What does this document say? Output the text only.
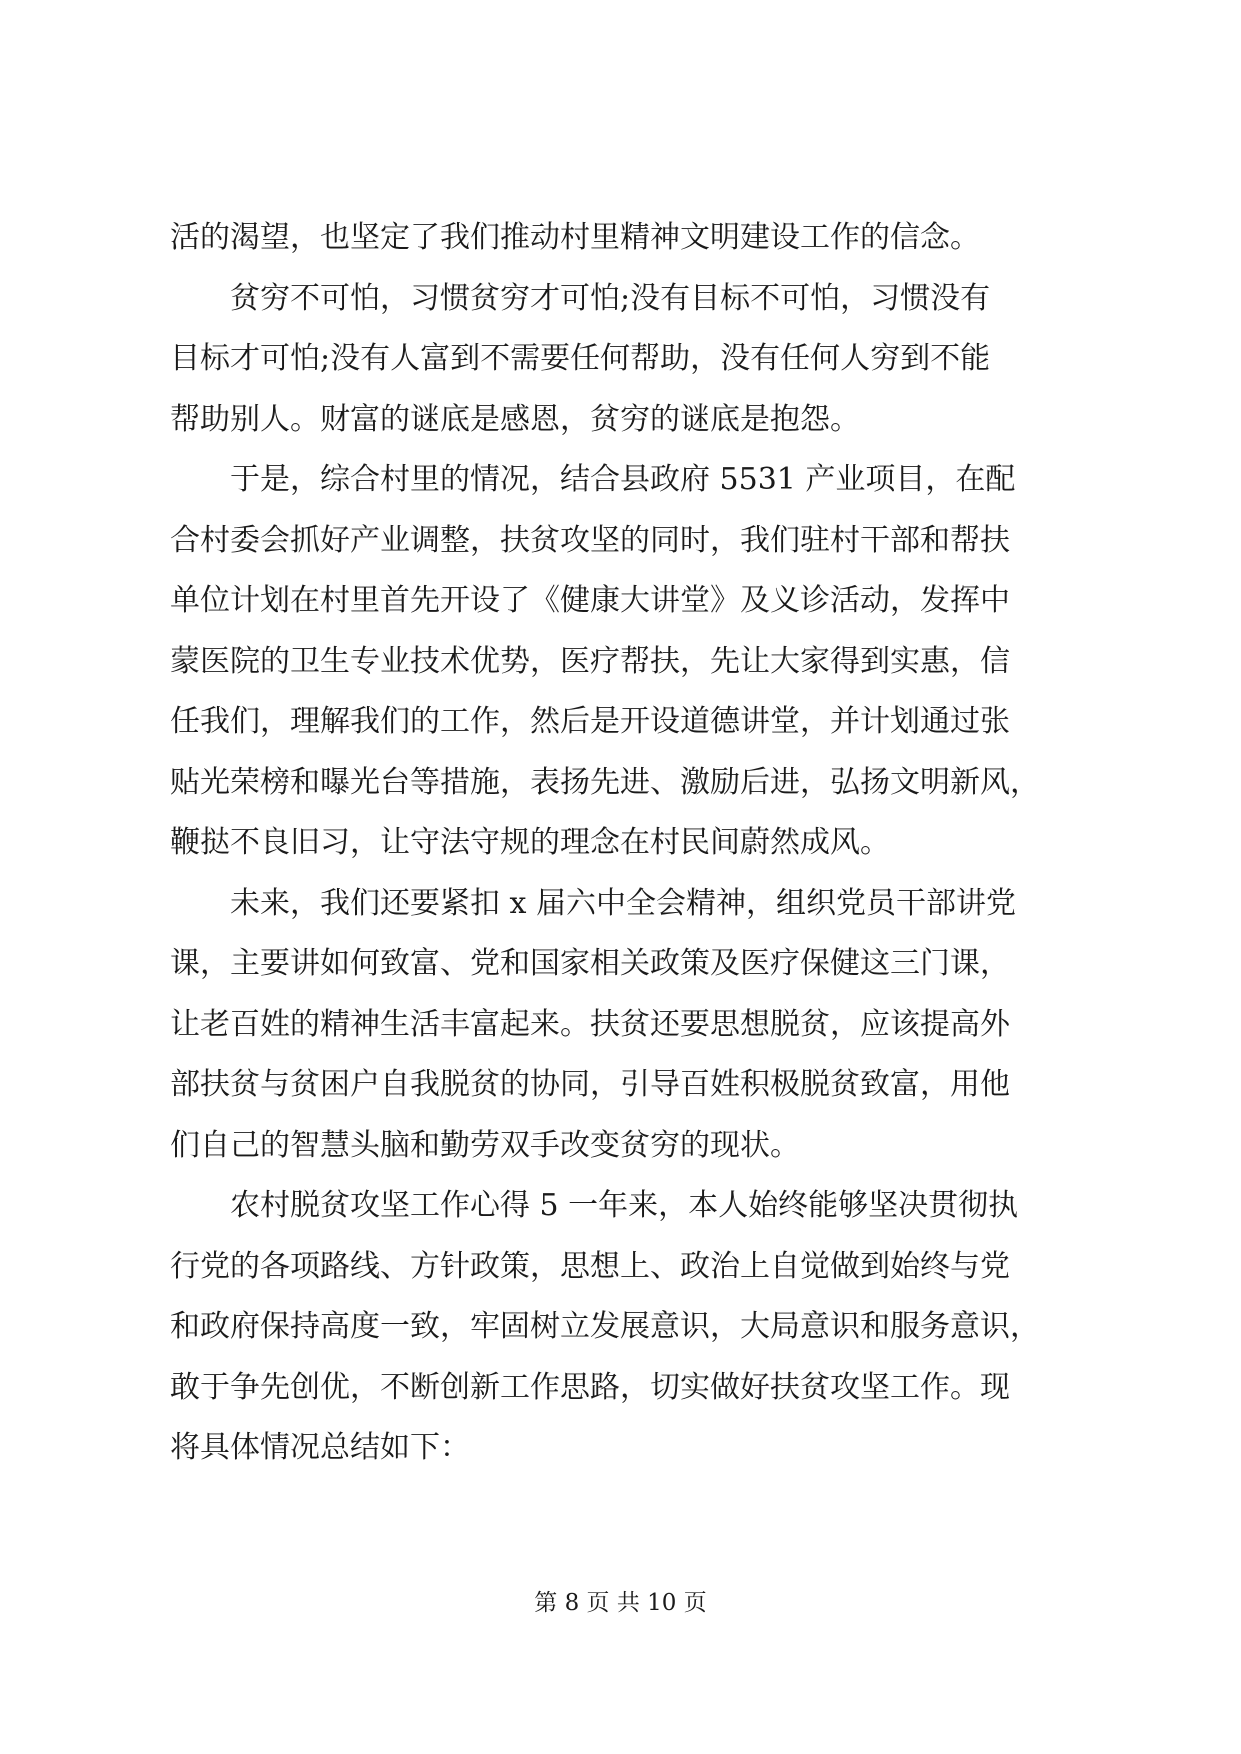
活的渴望，也坚定了我们推动村里精神文明建设工作的信念。
贫穷不可怕，习惯贫穷才可怕;没有目标不可怕，习惯没有
目标才可怕;没有人富到不需要任何帮助，没有任何人穷到不能
帮助别人。财富的谜底是感恩，贫穷的谜底是抱怨。
于是，综合村里的情况，结合县政府 5531 产业项目，在配
合村委会抓好产业调整，扶贫攻坚的同时，我们驻村干部和帮扶
单位计划在村里首先开设了《健康大讲堂》及义诊活动，发挥中
蒙医院的卫生专业技术优势，医疗帮扶，先让大家得到实惠，信
任我们，理解我们的工作，然后是开设道德讲堂，并计划通过张
贴光荣榜和曝光台等措施，表扬先进、激励后进，弘扬文明新风，
鞭挞不良旧习，让守法守规的理念在村民间蔚然成风。
未来，我们还要紧扣 x 届六中全会精神，组织党员干部讲党
课，主要讲如何致富、党和国家相关政策及医疗保健这三门课，
让老百姓的精神生活丰富起来。扶贫还要思想脱贫，应该提高外
部扶贫与贫困户自我脱贫的协同，引导百姓积极脱贫致富，用他
们自己的智慧头脑和勤劳双手改变贫穷的现状。
农村脱贫攻坚工作心得 5 一年来，本人始终能够坚决贯彻执
行党的各项路线、方针政策，思想上、政治上自觉做到始终与党
和政府保持高度一致，牢固树立发展意识，大局意识和服务意识，
敢于争先创优，不断创新工作思路，切实做好扶贫攻坚工作。现
将具体情况总结如下：
第 8 页 共 10 页
